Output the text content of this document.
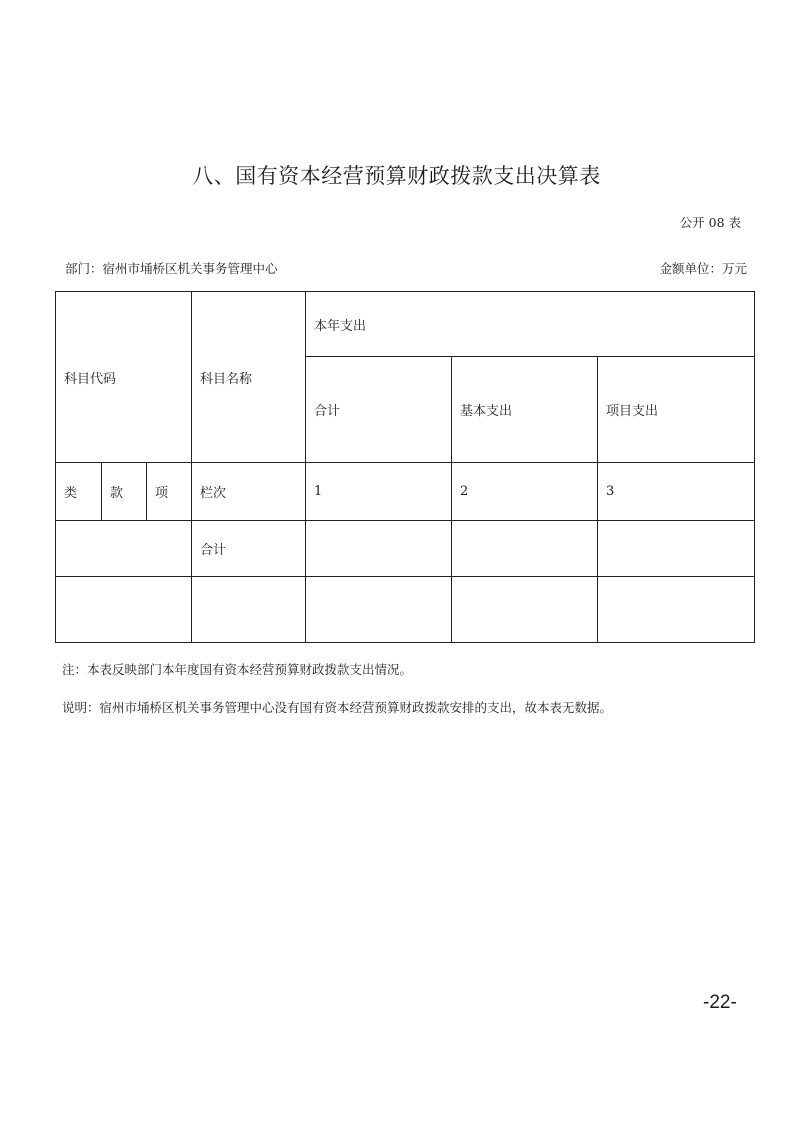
八、国有资本经营预算财政拨款支出决算表
公开 08 表
部门：宿州市埇桥区机关事务管理中心	金额单位：万元
科目代码			科目名称	本年支出		
				合计	基本支出	项目支出
类	款	项	栏次	1	2	3
			合计			

注：本表反映部门本年度国有资本经营预算财政拨款支出情况。
说明：宿州市埇桥区机关事务管理中心没有国有资本经营预算财政拨款安排的支出，故本表无数据。
-22-
